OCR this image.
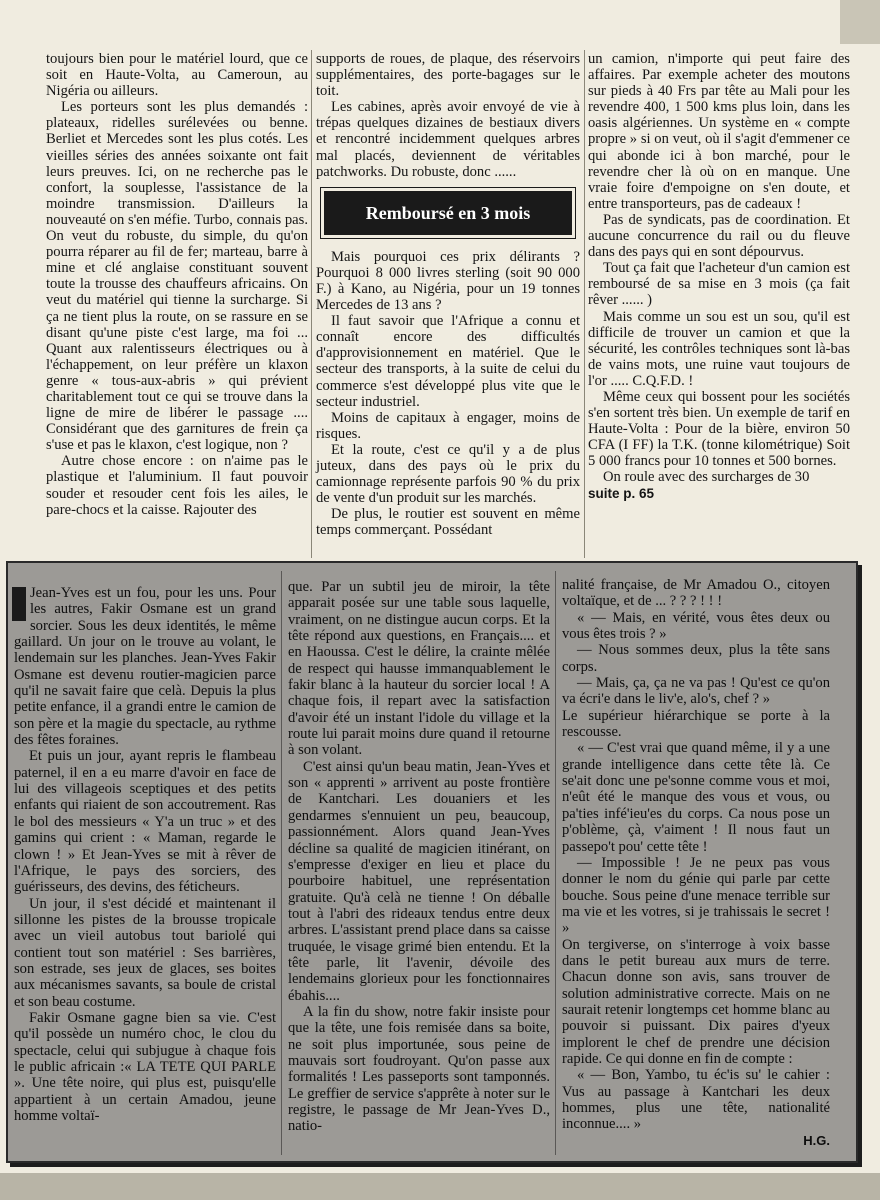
toujours bien pour le matériel lourd, que ce soit en Haute-Volta, au Cameroun, au Nigéria ou ailleurs.

Les porteurs sont les plus demandés : plateaux, ridelles surélevées ou benne. Berliet et Mercedes sont les plus cotés. Les vieilles séries des années soixante ont fait leurs preuves. Ici, on ne recherche pas le confort, la souplesse, l'assistance de la moindre transmission. D'ailleurs la nouveauté on s'en méfie. Turbo, connais pas. On veut du robuste, du simple, du qu'on pourra réparer au fil de fer; marteau, barre à mine et clé anglaise constituant souvent toute la trousse des chauffeurs africains. On veut du matériel qui tienne la surcharge. Si ça ne tient plus la route, on se rassure en se disant qu'une piste c'est large, ma foi ... Quant aux ralentisseurs électriques ou à l'échappement, on leur préfère un klaxon genre « tous-aux-abris » qui prévient charitablement tout ce qui se trouve dans la ligne de mire de libérer le passage .... Considérant que des garnitures de frein ça s'use et pas le klaxon, c'est logique, non ?

Autre chose encore : on n'aime pas le plastique et l'aluminium. Il faut pouvoir souder et resouder cent fois les ailes, le pare-chocs et la caisse. Rajouter des

supports de roues, de plaque, des réservoirs supplémentaires, des porte-bagages sur le toit.

Les cabines, après avoir envoyé de vie à trépas quelques dizaines de bestiaux divers et rencontré incidemment quelques arbres mal placés, deviennent de véritables patchworks. Du robuste, donc ......

Remboursé en 3 mois

Mais pourquoi ces prix délirants ? Pourquoi 8 000 livres sterling (soit 90 000 F.) à Kano, au Nigéria, pour un 19 tonnes Mercedes de 13 ans ?

Il faut savoir que l'Afrique a connu et connaît encore des difficultés d'approvisionnement en matériel. Que le secteur des transports, à la suite de celui du commerce s'est développé plus vite que le secteur industriel.

Moins de capitaux à engager, moins de risques.

Et la route, c'est ce qu'il y a de plus juteux, dans des pays où le prix du camionnage représente parfois 90 % du prix de vente d'un produit sur les marchés.

De plus, le routier est souvent en même temps commerçant. Possédant

un camion, n'importe qui peut faire des affaires. Par exemple acheter des moutons sur pieds à 40 Frs par tête au Mali pour les revendre 400, 1 500 kms plus loin, dans les oasis algériennes. Un système en « compte propre » si on veut, où il s'agit d'emmener ce qui abonde ici à bon marché, pour le revendre cher là où on en manque. Une vraie foire d'empoigne on s'en doute, et entre transporteurs, pas de cadeaux !

Pas de syndicats, pas de coordination. Et aucune concurrence du rail ou du fleuve dans des pays qui en sont dépourvus.

Tout ça fait que l'acheteur d'un camion est remboursé de sa mise en 3 mois (ça fait rêver ...... )

Mais comme un sou est un sou, qu'il est difficile de trouver un camion et que la sécurité, les contrôles techniques sont là-bas de vains mots, une ruine vaut toujours de l'or ..... C.Q.F.D. !

Même ceux qui bossent pour les sociétés s'en sortent très bien. Un exemple de tarif en Haute-Volta : Pour de la bière, environ 50 CFA (I FF) la T.K. (tonne kilométrique) Soit 5 000 francs pour 10 tonnes et 500 bornes.

On roule avec des surcharges de 30

suite p. 65

Jean-Yves est un fou, pour les uns. Pour les autres, Fakir Osmane est un grand sorcier. Sous les deux identités, le même gaillard. Un jour on le trouve au volant, le lendemain sur les planches. Jean-Yves Fakir Osmane est devenu routier-magicien parce qu'il ne savait faire que celà. Depuis la plus petite enfance, il a grandi entre le camion de son père et la magie du spectacle, au rythme des fêtes foraines.

Et puis un jour, ayant repris le flambeau paternel, il en a eu marre d'avoir en face de lui des villageois sceptiques et des petits enfants qui riaient de son accoutrement. Ras le bol des messieurs « Y'a un truc » et des gamins qui crient : « Maman, regarde le clown ! » Et Jean-Yves se mit à rêver de l'Afrique, le pays des sorciers, des guérisseurs, des devins, des féticheurs.

Un jour, il s'est décidé et maintenant il sillonne les pistes de la brousse tropicale avec un vieil autobus tout bariolé qui contient tout son matériel : Ses barrières, son estrade, ses jeux de glaces, ses boites aux mécanismes savants, sa boule de cristal et son beau costume.

Fakir Osmane gagne bien sa vie. C'est qu'il possède un numéro choc, le clou du spectacle, celui qui subjugue à chaque fois le public africain :« LA TETE QUI PARLE ». Une tête noire, qui plus est, puisqu'elle appartient à un certain Amadou, jeune homme voltaï-

que. Par un subtil jeu de miroir, la tête apparait posée sur une table sous laquelle, vraiment, on ne distingue aucun corps. Et la tête répond aux questions, en Français.... et en Haoussa. C'est le délire, la crainte mêlée de respect qui hausse immanquablement le fakir blanc à la hauteur du sorcier local ! A chaque fois, il repart avec la satisfaction d'avoir été un instant l'idole du village et la route lui parait moins dure quand il retourne à son volant.

C'est ainsi qu'un beau matin, Jean-Yves et son « apprenti » arrivent au poste frontière de Kantchari. Les douaniers et les gendarmes s'ennuient un peu, beaucoup, passionnément. Alors quand Jean-Yves décline sa qualité de magicien itinérant, on s'empresse d'exiger en lieu et place du pourboire habituel, une représentation gratuite. Qu'à celà ne tienne ! On déballe tout à l'abri des rideaux tendus entre deux arbres. L'assistant prend place dans sa caisse truquée, le visage grimé bien entendu. Et la tête parle, lit l'avenir, dévoile des lendemains glorieux pour les fonctionnaires ébahis....

A la fin du show, notre fakir insiste pour que la tête, une fois remisée dans sa boite, ne soit plus importunée, sous peine de mauvais sort foudroyant. Qu'on passe aux formalités ! Les passeports sont tamponnés. Le greffier de service s'apprête à noter sur le registre, le passage de Mr Jean-Yves D., natio-

nalité française, de Mr Amadou O., citoyen voltaïque, et de ... ? ? ? ! ! !

« — Mais, en vérité, vous êtes deux ou vous êtes trois ? »

— Nous sommes deux, plus la tête sans corps.

— Mais, ça, ça ne va pas ! Qu'est ce qu'on va écri'e dans le liv'e, alo's, chef ? »

Le supérieur hiérarchique se porte à la rescousse.

« — C'est vrai que quand même, il y a une grande intelligence dans cette tête là. Ce se'ait donc une pe'sonne comme vous et moi, n'eût été le manque des vous et vous, ou pa'ties infé'ieu'es du corps. Ca nous pose un p'oblème, çà, v'aiment ! Il nous faut un passepo't pou' cette tête !

— Impossible ! Je ne peux pas vous donner le nom du génie qui parle par cette bouche. Sous peine d'une menace terrible sur ma vie et les votres, si je trahissais le secret ! »

On tergiverse, on s'interroge à voix basse dans le petit bureau aux murs de terre. Chacun donne son avis, sans trouver de solution administrative correcte. Mais on ne saurait retenir longtemps cet homme blanc au pouvoir si puissant. Dix paires d'yeux implorent le chef de prendre une décision rapide. Ce qui donne en fin de compte :

« — Bon, Yambo, tu éc'is su' le cahier : Vus au passage à Kantchari les deux hommes, plus une tête, nationalité inconnue.... »

H.G.
